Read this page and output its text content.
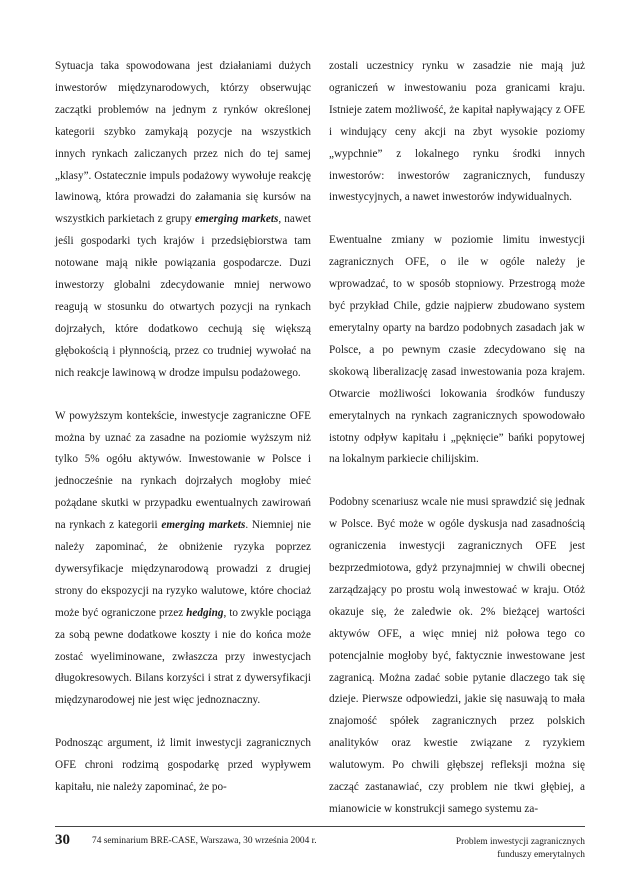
Sytuacja taka spowodowana jest działaniami dużych inwestorów międzynarodowych, którzy obserwując zaczątki problemów na jednym z rynków określonej kategorii szybko zamykają pozycje na wszystkich innych rynkach zaliczanych przez nich do tej samej „klasy”. Ostatecznie impuls podażowy wywołuje reakcję lawinową, która prowadzi do załamania się kursów na wszystkich parkietach z grupy emerging markets, nawet jeśli gospodarki tych krajów i przedsiębiorstwa tam notowane mają nikłe powiązania gospodarcze. Duzi inwestorzy globalni zdecydowanie mniej nerwowo reagują w stosunku do otwartych pozycji na rynkach dojrzałych, które dodatkowo cechują się większą głębokością i płynnością, przez co trudniej wywołać na nich reakcje lawinową w drodze impulsu podażowego.

W powyższym kontekście, inwestycje zagraniczne OFE można by uznać za zasadne na poziomie wyższym niż tylko 5% ogółu aktywów. Inwestowanie w Polsce i jednocześnie na rynkach dojrzałych mogłoby mieć pożądane skutki w przypadku ewentualnych zawirowań na rynkach z kategorii emerging markets. Niemniej nie należy zapominać, że obniżenie ryzyka poprzez dywersyfikacje międzynarodową prowadzi z drugiej strony do ekspozycji na ryzyko walutowe, które chociaż może być ograniczone przez hedging, to zwykle pociąga za sobą pewne dodatkowe koszty i nie do końca może zostać wyeliminowane, zwłaszcza przy inwestycjach długokresowych. Bilans korzyści i strat z dywersyfikacji międzynarodowej nie jest więc jednoznaczny.

Podnosząc argument, iż limit inwestycji zagranicznych OFE chroni rodzimą gospodarkę przed wypływem kapitału, nie należy zapominać, że po-

zostali uczestnicy rynku w zasadzie nie mają już ograniczeń w inwestowaniu poza granicami kraju. Istnieje zatem możliwość, że kapitał napływający z OFE i windujący ceny akcji na zbyt wysokie poziomy „wypchnie” z lokalnego rynku środki innych inwestorów: inwestorów zagranicznych, funduszy inwestycyjnych, a nawet inwestorów indywidualnych.

Ewentualne zmiany w poziomie limitu inwestycji zagranicznych OFE, o ile w ogóle należy je wprowadzać, to w sposób stopniowy. Przestrogą może być przykład Chile, gdzie najpierw zbudowano system emerytalny oparty na bardzo podobnych zasadach jak w Polsce, a po pewnym czasie zdecydowano się na skokową liberalizację zasad inwestowania poza krajem. Otwarcie możliwości lokowania środków funduszy emerytalnych na rynkach zagranicznych spowodowało istotny odpływ kapitału i „pęknięcie” bańki popytowej na lokalnym parkiecie chilijskim.

Podobny scenariusz wcale nie musi sprawdzić się jednak w Polsce. Być może w ogóle dyskusja nad zasadnością ograniczenia inwestycji zagranicznych OFE jest bezprzedmiotowa, gdyż przynajmniej w chwili obecnej zarządzający po prostu wolą inwestować w kraju. Otóż okazuje się, że zaledwie ok. 2% bieżącej wartości aktywów OFE, a więc mniej niż połowa tego co potencjalnie mogłoby być, faktycznie inwestowane jest zagranicą. Można zadać sobie pytanie dlaczego tak się dzieje. Pierwsze odpowiedzi, jakie się nasuwają to mała znajomość spółek zagranicznych przez polskich analityków oraz kwestie związane z ryzykiem walutowym. Po chwili głębszej refleksji można się zacząć zastanawiać, czy problem nie tkwi głębiej, a mianowicie w konstrukcji samego systemu za-

30 74 seminarium BRE-CASE, Warszawa, 30 września 2004 r.	Problem inwestycji zagranicznych
funduszy emerytalnych
